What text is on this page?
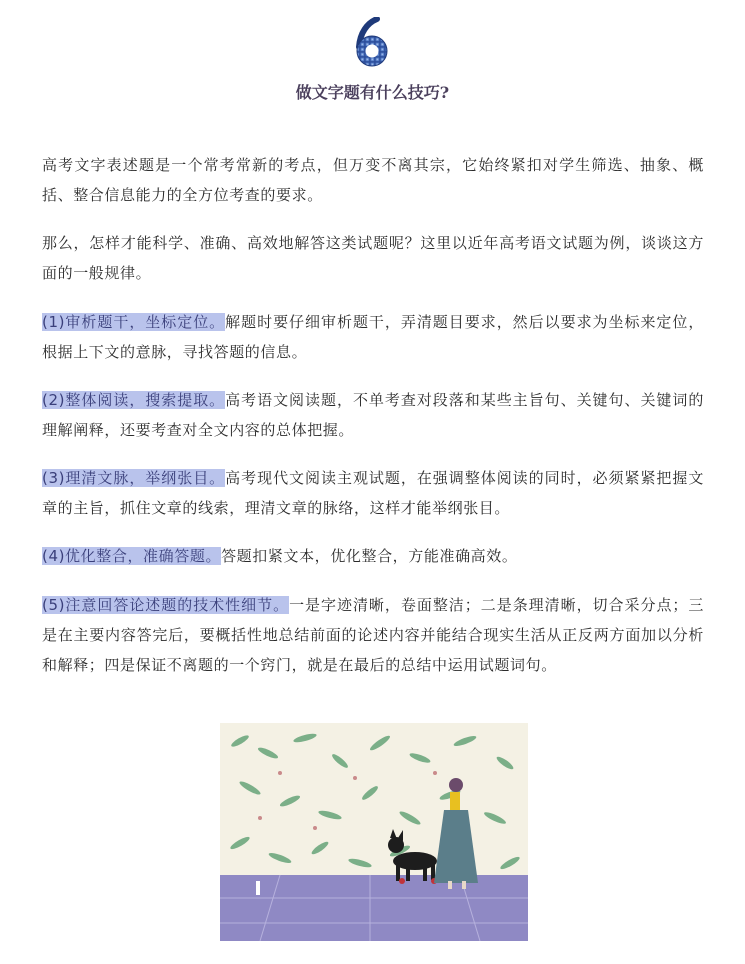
做文字题有什么技巧?

高考文字表述题是一个常考常新的考点，但万变不离其宗，它始终紧扣对学生筛选、抽象、概括、整合信息能力的全方位考查的要求。

那么，怎样才能科学、准确、高效地解答这类试题呢？这里以近年高考语文试题为例，谈谈这方面的一般规律。

(1)审析题干，坐标定位。解题时要仔细审析题干，弄清题目要求，然后以要求为坐标来定位，根据上下文的意脉，寻找答题的信息。

(2)整体阅读，搜索提取。高考语文阅读题，不单考查对段落和某些主旨句、关键句、关键词的理解阐释，还要考查对全文内容的总体把握。

(3)理清文脉，举纲张目。高考现代文阅读主观试题，在强调整体阅读的同时，必须紧紧把握文章的主旨，抓住文章的线索，理清文章的脉络，这样才能举纲张目。

(4)优化整合，准确答题。答题扣紧文本，优化整合，方能准确高效。

(5)注意回答论述题的技术性细节。一是字迹清晰，卷面整洁；二是条理清晰，切合采分点；三是在主要内容答完后，要概括性地总结前面的论述内容并能结合现实生活从正反两方面加以分析和解释；四是保证不离题的一个窍门，就是在最后的总结中运用试题词句。
